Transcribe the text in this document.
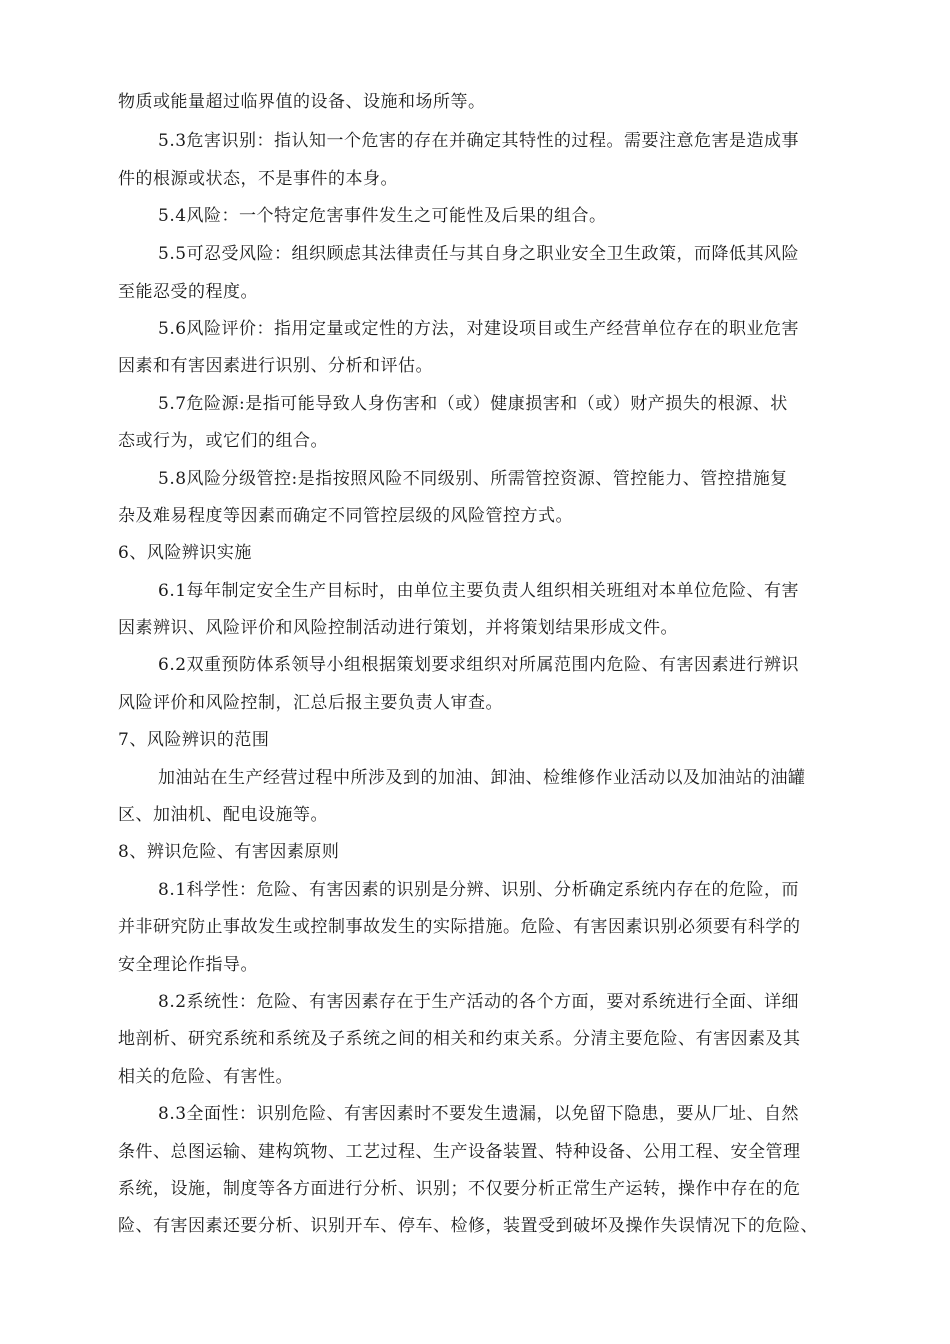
物质或能量超过临界值的设备、设施和场所等。
5.3危害识别：指认知一个危害的存在并确定其特性的过程。需要注意危害是造成事
件的根源或状态，不是事件的本身。
5.4风险：一个特定危害事件发生之可能性及后果的组合。
5.5可忍受风险：组织顾虑其法律责任与其自身之职业安全卫生政策，而降低其风险
至能忍受的程度。
5.6风险评价：指用定量或定性的方法，对建设项目或生产经营单位存在的职业危害
因素和有害因素进行识别、分析和评估。
5.7危险源:是指可能导致人身伤害和（或）健康损害和（或）财产损失的根源、状
态或行为，或它们的组合。
5.8风险分级管控:是指按照风险不同级别、所需管控资源、管控能力、管控措施复
杂及难易程度等因素而确定不同管控层级的风险管控方式。
6、风险辨识实施
6.1每年制定安全生产目标时，由单位主要负责人组织相关班组对本单位危险、有害
因素辨识、风险评价和风险控制活动进行策划，并将策划结果形成文件。
6.2双重预防体系领导小组根据策划要求组织对所属范围内危险、有害因素进行辨识
风险评价和风险控制，汇总后报主要负责人审查。
7、风险辨识的范围
加油站在生产经营过程中所涉及到的加油、卸油、检维修作业活动以及加油站的油罐
区、加油机、配电设施等。
8、辨识危险、有害因素原则
8.1科学性：危险、有害因素的识别是分辨、识别、分析确定系统内存在的危险，而
并非研究防止事故发生或控制事故发生的实际措施。危险、有害因素识别必须要有科学的
安全理论作指导。
8.2系统性：危险、有害因素存在于生产活动的各个方面，要对系统进行全面、详细
地剖析、研究系统和系统及子系统之间的相关和约束关系。分清主要危险、有害因素及其
相关的危险、有害性。
8.3全面性：识别危险、有害因素时不要发生遗漏，以免留下隐患，要从厂址、自然
条件、总图运输、建构筑物、工艺过程、生产设备装置、特种设备、公用工程、安全管理
系统，设施，制度等各方面进行分析、识别；不仅要分析正常生产运转，操作中存在的危
险、有害因素还要分析、识别开车、停车、检修，装置受到破坏及操作失误情况下的危险、
